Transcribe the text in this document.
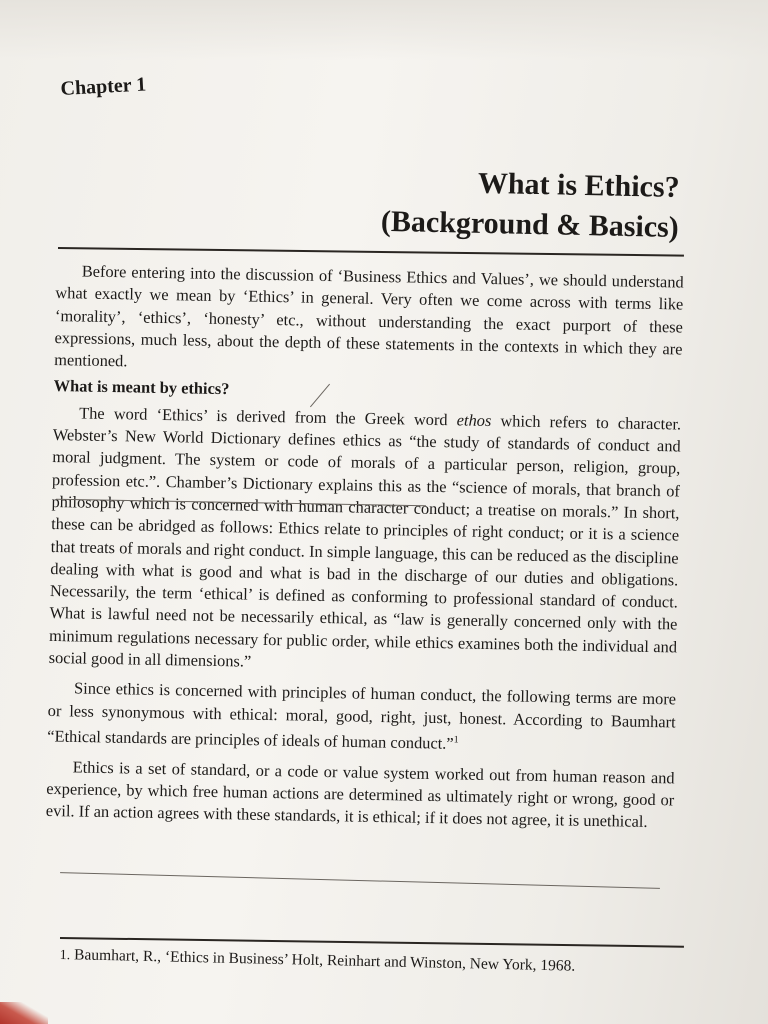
Chapter 1
What is Ethics?
(Background & Basics)

Before entering into the discussion of ‘Business Ethics and Values’, we should understand what exactly we mean by ‘Ethics’ in general. Very often we come across with terms like ‘morality’, ‘ethics’, ‘honesty’ etc., without understanding the exact purport of these expressions, much less, about the depth of these statements in the contexts in which they are mentioned.

What is meant by ethics?

The word ‘Ethics’ is derived from the Greek word ethos which refers to character. Webster’s New World Dictionary defines ethics as “the study of standards of conduct and moral judgment. The system or code of morals of a particular person, religion, group, profession etc.”. Chamber’s Dictionary explains this as the “science of morals, that branch of philosophy which is concerned with human character conduct; a treatise on morals.” In short, these can be abridged as follows: Ethics relate to principles of right conduct; or it is a science that treats of morals and right conduct. In simple language, this can be reduced as the discipline dealing with what is good and what is bad in the discharge of our duties and obligations. Necessarily, the term ‘ethical’ is defined as conforming to professional standard of conduct. What is lawful need not be necessarily ethical, as “law is generally concerned only with the minimum regulations necessary for public order, while ethics examines both the individual and social good in all dimensions.”

Since ethics is concerned with principles of human conduct, the following terms are more or less synonymous with ethical: moral, good, right, just, honest. According to Baumhart “Ethical standards are principles of ideals of human conduct.”$^1$

Ethics is a set of standard, or a code or value system worked out from human reason and experience, by which free human actions are determined as ultimately right or wrong, good or evil. If an action agrees with these standards, it is ethical; if it does not agree, it is unethical.

1. Baumhart, R., ‘Ethics in Business’ Holt, Reinhart and Winston, New York, 1968.
